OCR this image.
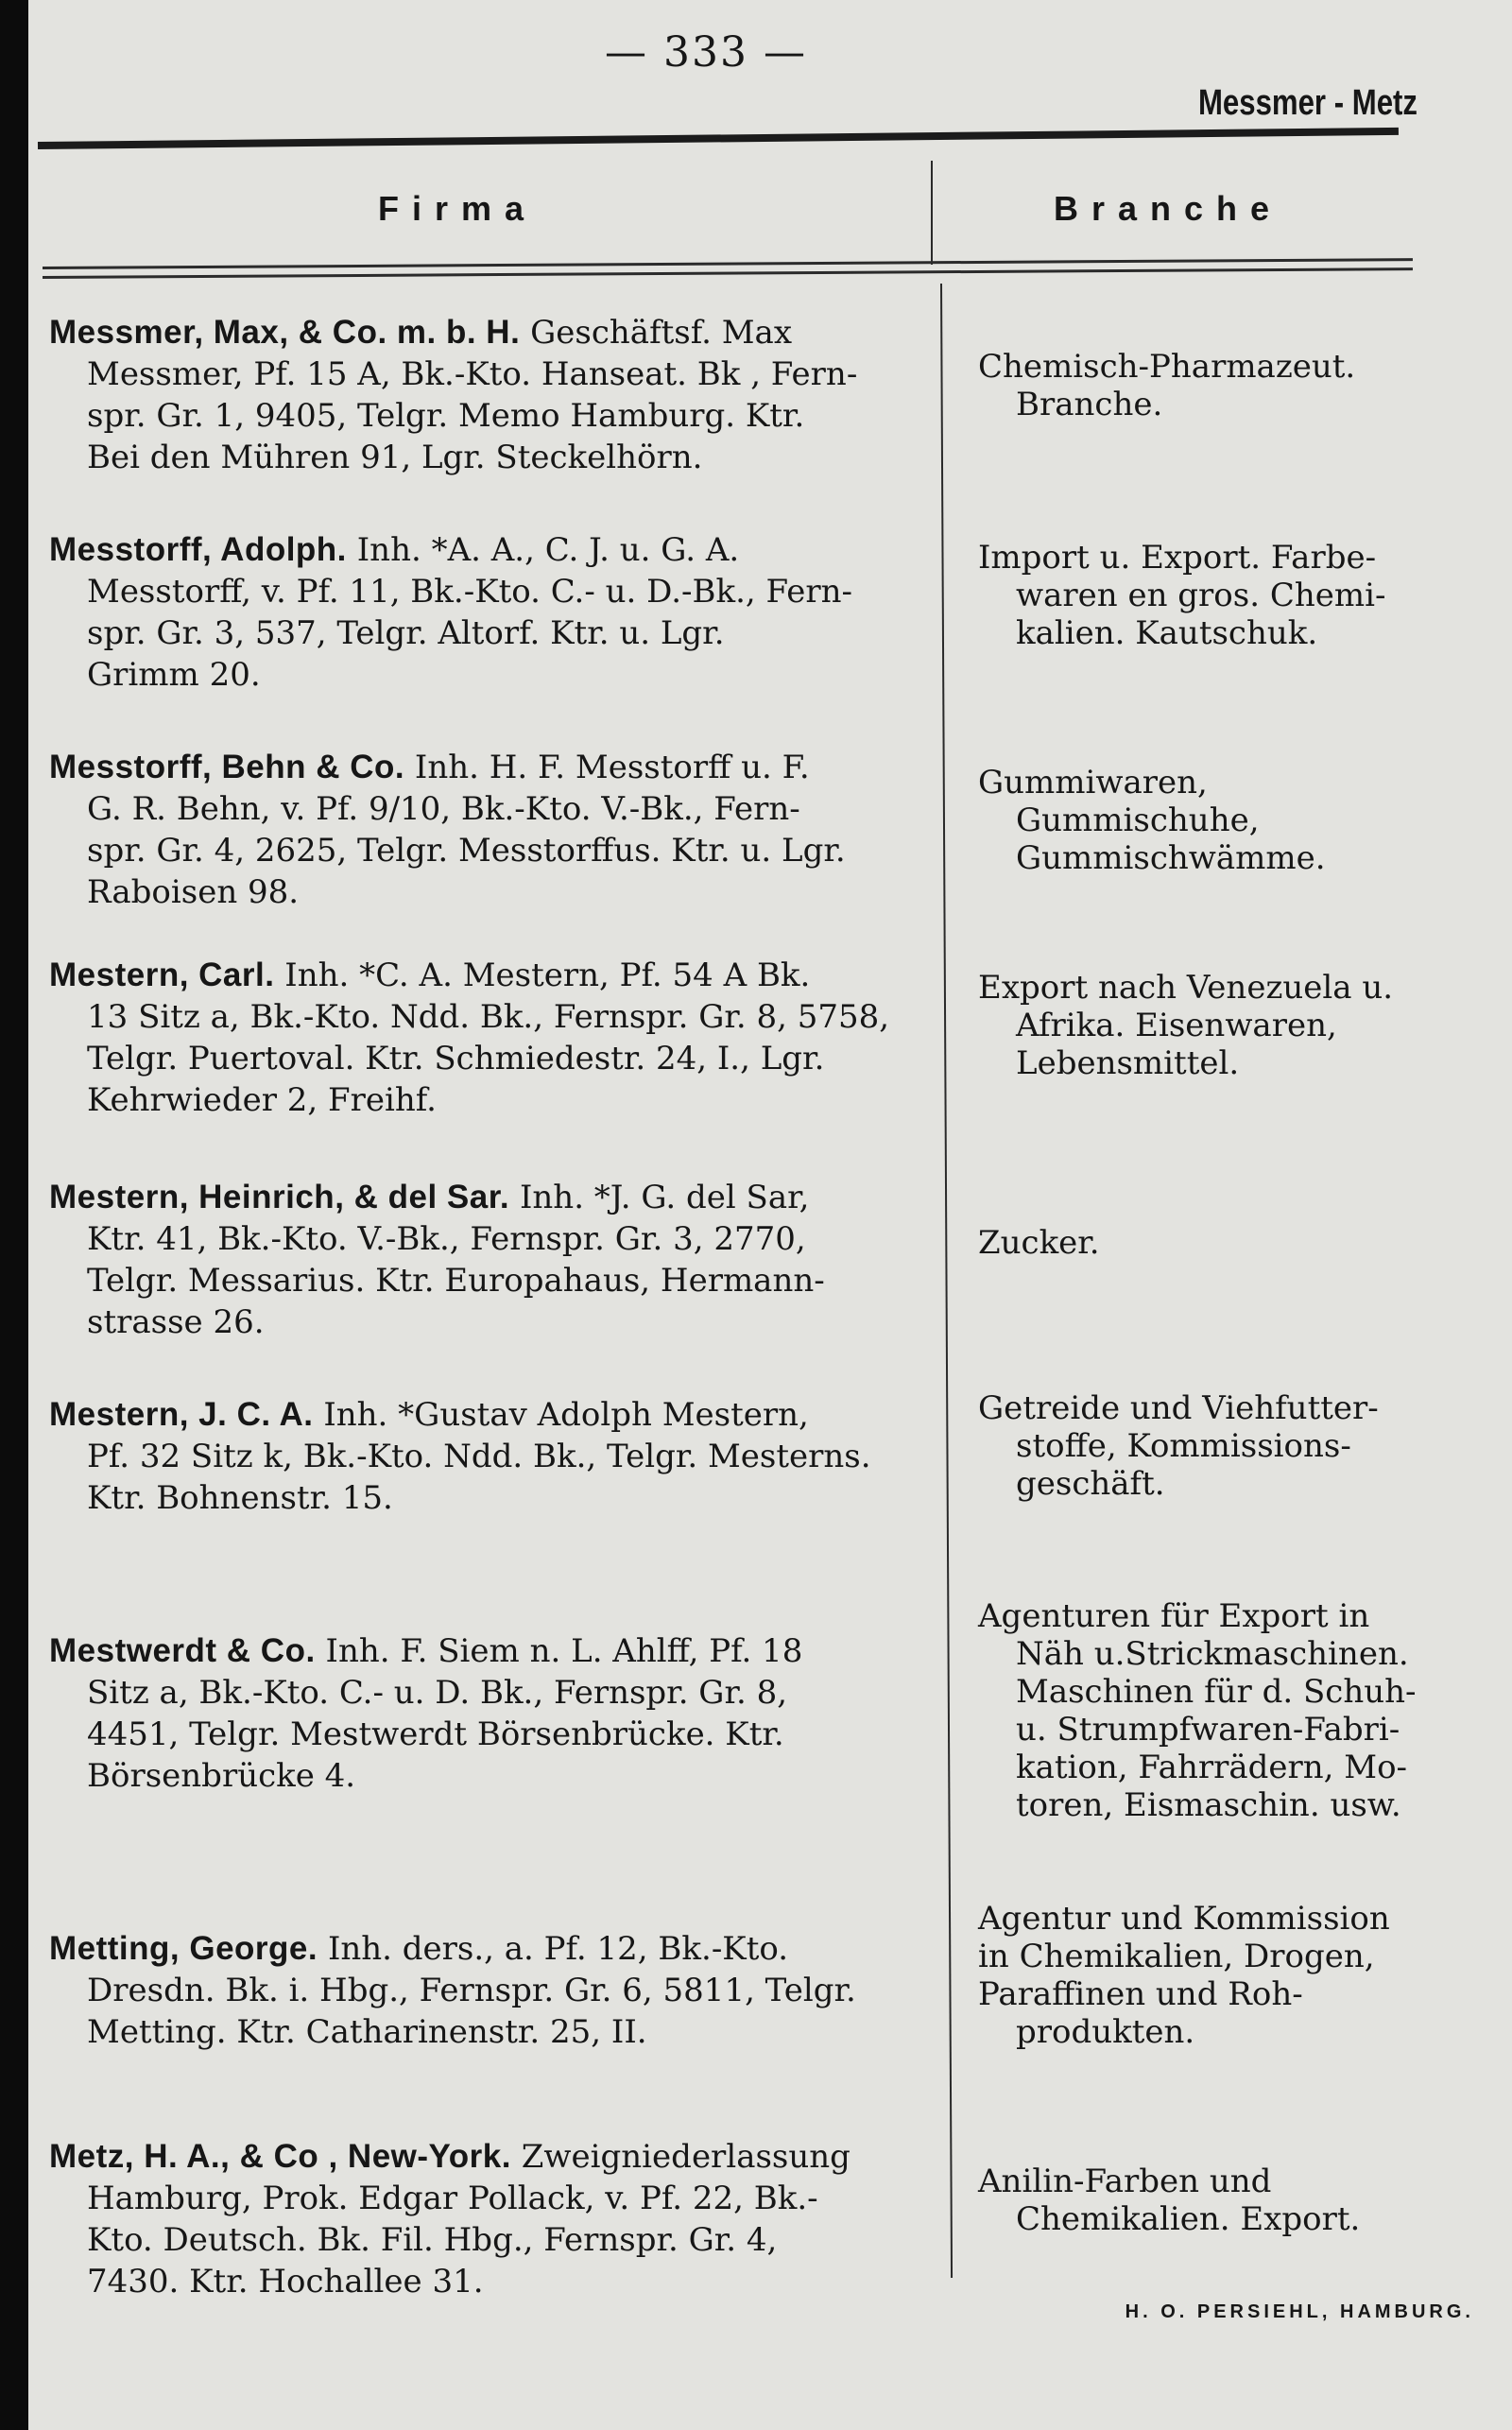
— 333 —
Messmer - Metz
Firma	Branche
Messmer, Max, & Co. m. b. H. Geschäftsf. Max
Messmer, Pf. 15 A, Bk.-Kto. Hanseat. Bk , Fern-
spr. Gr. 1, 9405, Telgr. Memo Hamburg. Ktr.
Bei den Mühren 91, Lgr. Steckelhörn.
Chemisch-Pharmazeut.
Branche.
Messtorff, Adolph. Inh. *A. A., C. J. u. G. A.
Messtorff, v. Pf. 11, Bk.-Kto. C.- u. D.-Bk., Fern-
spr. Gr. 3, 537, Telgr. Altorf. Ktr. u. Lgr.
Grimm 20.
Import u. Export. Farbe-
waren en gros. Chemi-
kalien. Kautschuk.
Messtorff, Behn & Co. Inh. H. F. Messtorff u. F.
G. R. Behn, v. Pf. 9/10, Bk.-Kto. V.-Bk., Fern-
spr. Gr. 4, 2625, Telgr. Messtorffus. Ktr. u. Lgr.
Raboisen 98.
Gummiwaren,
Gummischuhe,
Gummischwämme.
Mestern, Carl. Inh. *C. A. Mestern, Pf. 54 A Bk.
13 Sitz a, Bk.-Kto. Ndd. Bk., Fernspr. Gr. 8, 5758,
Telgr. Puertoval. Ktr. Schmiedestr. 24, I., Lgr.
Kehrwieder 2, Freihf.
Export nach Venezuela u.
Afrika. Eisenwaren,
Lebensmittel.
Mestern, Heinrich, & del Sar. Inh. *J. G. del Sar,
Ktr. 41, Bk.-Kto. V.-Bk., Fernspr. Gr. 3, 2770,
Telgr. Messarius. Ktr. Europahaus, Hermann-
strasse 26.
Zucker.
Mestern, J. C. A. Inh. *Gustav Adolph Mestern,
Pf. 32 Sitz k, Bk.-Kto. Ndd. Bk., Telgr. Mesterns.
Ktr. Bohnenstr. 15.
Getreide und Viehfutter-
stoffe, Kommissions-
geschäft.
Mestwerdt & Co. Inh. F. Siem n. L. Ahlff, Pf. 18
Sitz a, Bk.-Kto. C.- u. D. Bk., Fernspr. Gr. 8,
4451, Telgr. Mestwerdt Börsenbrücke. Ktr.
Börsenbrücke 4.
Agenturen für Export in
Näh u.Strickmaschinen.
Maschinen für d. Schuh-
u. Strumpfwaren-Fabri-
kation, Fahrrädern, Mo-
toren, Eismaschin. usw.
Metting, George. Inh. ders., a. Pf. 12, Bk.-Kto.
Dresdn. Bk. i. Hbg., Fernspr. Gr. 6, 5811, Telgr.
Metting. Ktr. Catharinenstr. 25, II.
Agentur und Kommission
in Chemikalien, Drogen,
Paraffinen und Roh-
produkten.
Metz, H. A., & Co , New-York. Zweigniederlassung
Hamburg, Prok. Edgar Pollack, v. Pf. 22, Bk.-
Kto. Deutsch. Bk. Fil. Hbg., Fernspr. Gr. 4,
7430. Ktr. Hochallee 31.
Anilin-Farben und
Chemikalien. Export.
H. O. PERSIEHL, HAMBURG.
